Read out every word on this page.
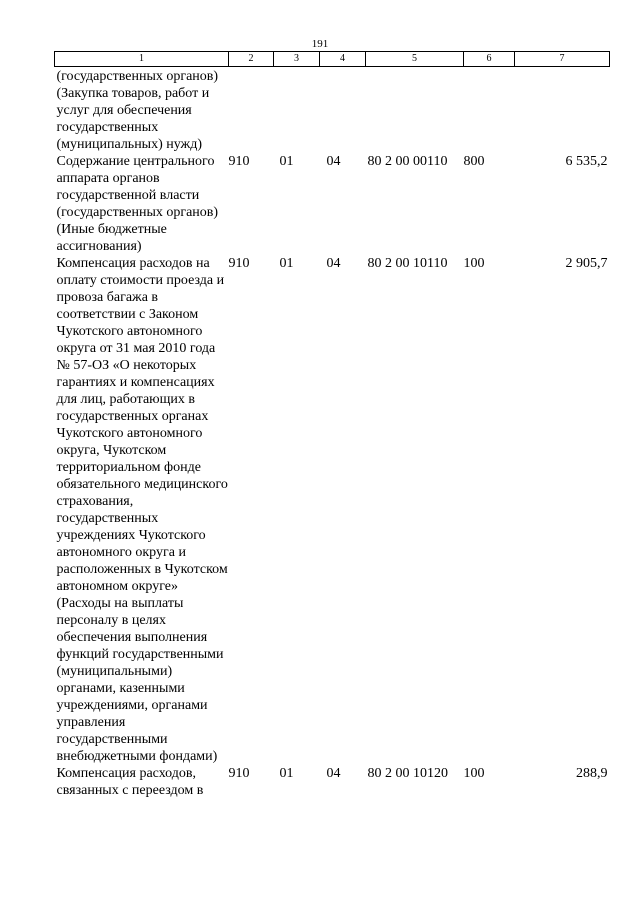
191
1	2	3	4	5	6	7
(государственных органов) (Закупка товаров, работ и услуг для обеспечения государственных (муниципальных) нужд)						
Содержание центрального аппарата органов государственной власти (государственных органов) (Иные бюджетные ассигнования)	910	01	04	80 2 00 00110	800	6 535,2
Компенсация расходов на оплату стоимости проезда и провоза багажа в соответствии с Законом Чукотского автономного округа от 31 мая 2010 года № 57-ОЗ «О некоторых гарантиях и компенсациях для лиц, работающих в государственных органах Чукотского автономного округа, Чукотском территориальном фонде обязательного медицинского страхования, государственных учреждениях Чукотского автономного округа и расположенных в Чукотском автономном округе» (Расходы на выплаты персоналу в целях обеспечения выполнения функций государственными (муниципальными) органами, казенными учреждениями, органами управления государственными внебюджетными фондами)	910	01	04	80 2 00 10110	100	2 905,7
Компенсация расходов, связанных с переездом в	910	01	04	80 2 00 10120	100	288,9
